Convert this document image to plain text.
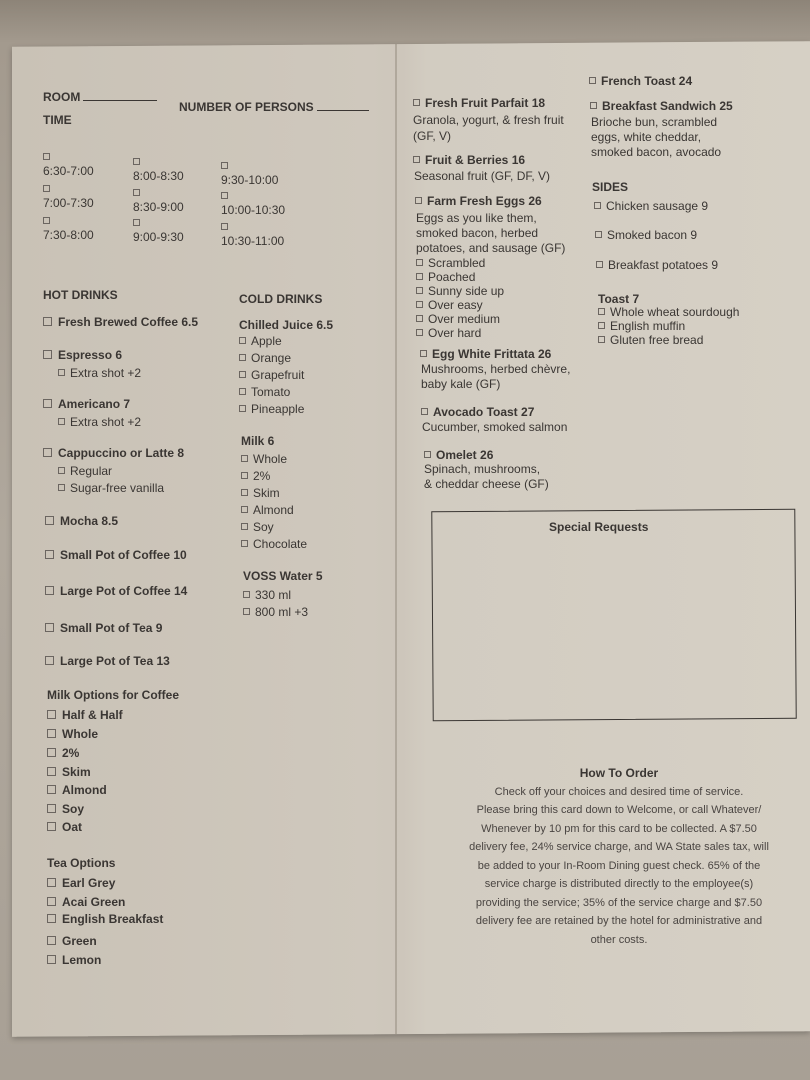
ROOM
NUMBER OF PERSONS
TIME

6:30-7:00

7:00-7:30

7:30-8:00

8:00-8:30

8:30-9:00

9:00-9:30

9:30-10:00

10:00-10:30

10:30-11:00
HOT DRINKS
Fresh Brewed Coffee 6.5
Espresso 6
Extra shot +2
Americano 7
Extra shot +2
Cappuccino or Latte 8
Regular
Sugar-free vanilla
Mocha 8.5
Small Pot of Coffee 10
Large Pot of Coffee 14
Small Pot of Tea 9
Large Pot of Tea 13
Milk Options for Coffee
Half & Half
Whole
2%
Skim
Almond
Soy
Oat
Tea Options
Earl Grey
Acai Green
English Breakfast
Green
Lemon
COLD DRINKS
Chilled Juice 6.5
Apple
Orange
Grapefruit
Tomato
Pineapple
Milk 6
Whole
2%
Skim
Almond
Soy
Chocolate
VOSS Water 5
330 ml
800 ml +3
Fresh Fruit Parfait 18
Granola, yogurt, & fresh fruit
(GF, V)
Fruit & Berries 16
Seasonal fruit (GF, DF, V)
Farm Fresh Eggs 26
Eggs as you like them,
smoked bacon, herbed
potatoes, and sausage (GF)
Scrambled
Poached
Sunny side up
Over easy
Over medium
Over hard
Egg White Frittata 26
Mushrooms, herbed chèvre,
baby kale (GF)
Avocado Toast 27
Cucumber, smoked salmon
Omelet 26
Spinach, mushrooms,
& cheddar cheese (GF)
French Toast 24
Breakfast Sandwich 25
Brioche bun, scrambled
eggs, white cheddar,
smoked bacon, avocado
SIDES
Chicken sausage 9
Smoked bacon 9
Breakfast potatoes 9
Toast 7
Whole wheat sourdough
English muffin
Gluten free bread
Special Requests
How To Order
Check off your choices and desired time of service.
Please bring this card down to Welcome, or call Whatever/
Whenever by 10 pm for this card to be collected. A $7.50
delivery fee, 24% service charge, and WA State sales tax, will
be added to your In-Room Dining guest check. 65% of the
service charge is distributed directly to the employee(s)
providing the service; 35% of the service charge and $7.50
delivery fee are retained by the hotel for administrative and
other costs.
